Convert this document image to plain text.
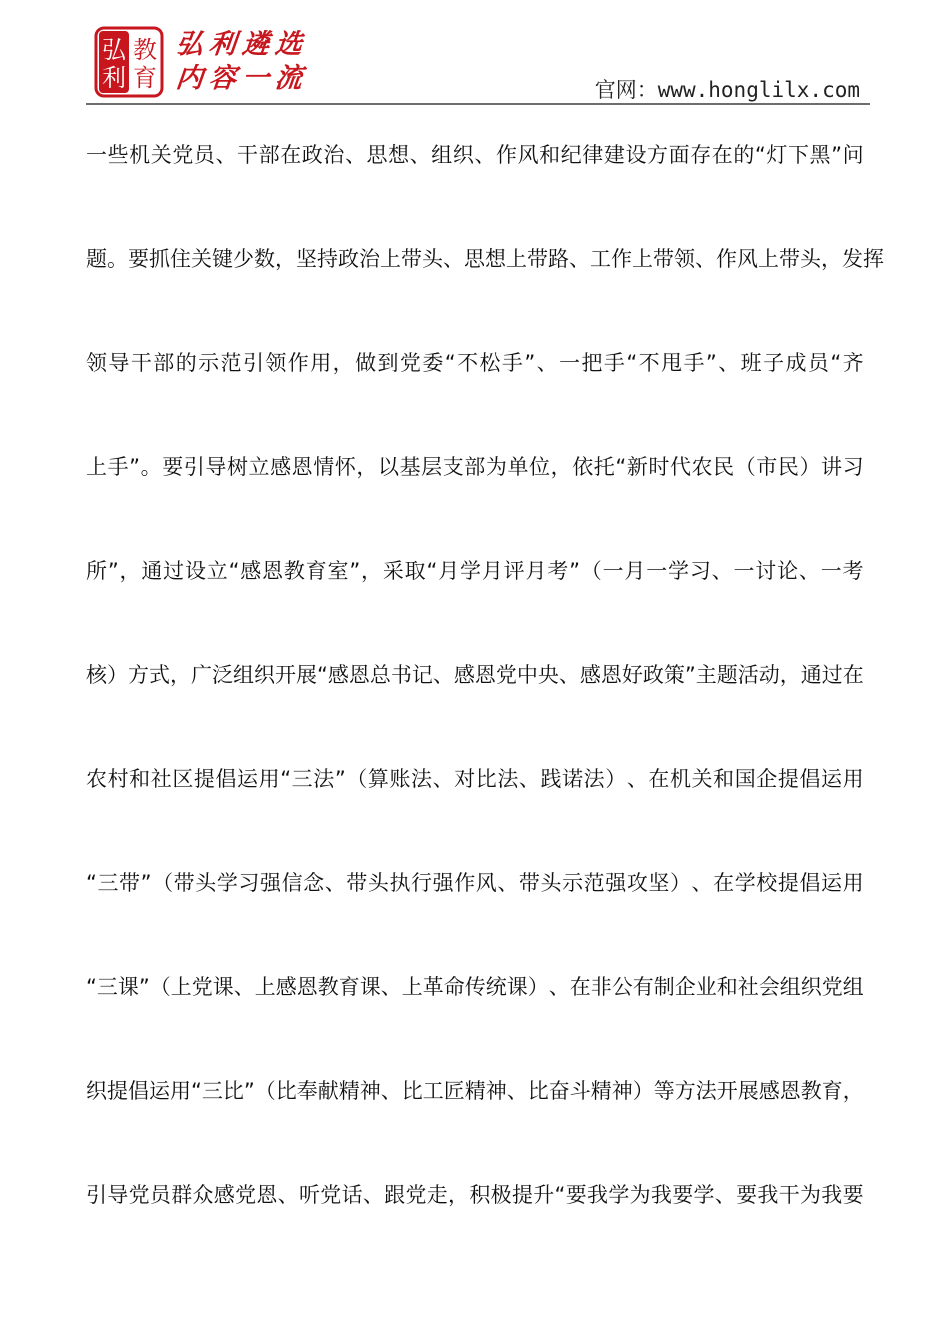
弘
利
教
育
弘利遴选
内容一流	官网：www.honglilx.com
一 些 机 关 党 员 、 干 部 在 政 治 、 思 想 、 组 织 、 作 风 和 纪 律 建 设 方 面 存 在 的 “ 灯 下 黑 ” 问
题 。 要 抓 住 关 键 少 数 ， 坚 持 政 治 上 带 头 、 思 想 上 带 路 、 工 作 上 带 领 、 作 风 上 带 头 ， 发 挥
领 导 干 部 的 示 范 引 领 作 用 ， 做 到 党 委 “ 不 松 手 ” 、 一 把 手 “ 不 甩 手 ” 、 班 子 成 员 “ 齐
上 手 ” 。 要 引 导 树 立 感 恩 情 怀 ， 以 基 层 支 部 为 单 位 ， 依 托 “ 新 时 代 农 民 （ 市 民 ） 讲 习
所 ” ， 通 过 设 立 “ 感 恩 教 育 室 ” ， 采 取 “ 月 学 月 评 月 考 ” （ 一 月 一 学 习 、 一 讨 论 、 一 考
核 ） 方 式 ， 广 泛 组 织 开 展 “ 感 恩 总 书 记 、 感 恩 党 中 央 、 感 恩 好 政 策 ” 主 题 活 动 ， 通 过 在
农 村 和 社 区 提 倡 运 用 “ 三 法 ” （ 算 账 法 、 对 比 法 、 践 诺 法 ） 、 在 机 关 和 国 企 提 倡 运 用
“ 三 带 ” （ 带 头 学 习 强 信 念 、 带 头 执 行 强 作 风 、 带 头 示 范 强 攻 坚 ） 、 在 学 校 提 倡 运 用
“ 三 课 ” （ 上 党 课 、 上 感 恩 教 育 课 、 上 革 命 传 统 课 ） 、 在 非 公 有 制 企 业 和 社 会 组 织 党 组
织 提 倡 运 用 “ 三 比 ” （ 比 奉 献 精 神 、 比 工 匠 精 神 、 比 奋 斗 精 神 ） 等 方 法 开 展 感 恩 教 育 ，
引 导 党 员 群 众 感 党 恩 、 听 党 话 、 跟 党 走 ， 积 极 提 升 “ 要 我 学 为 我 要 学 、 要 我 干 为 我 要
